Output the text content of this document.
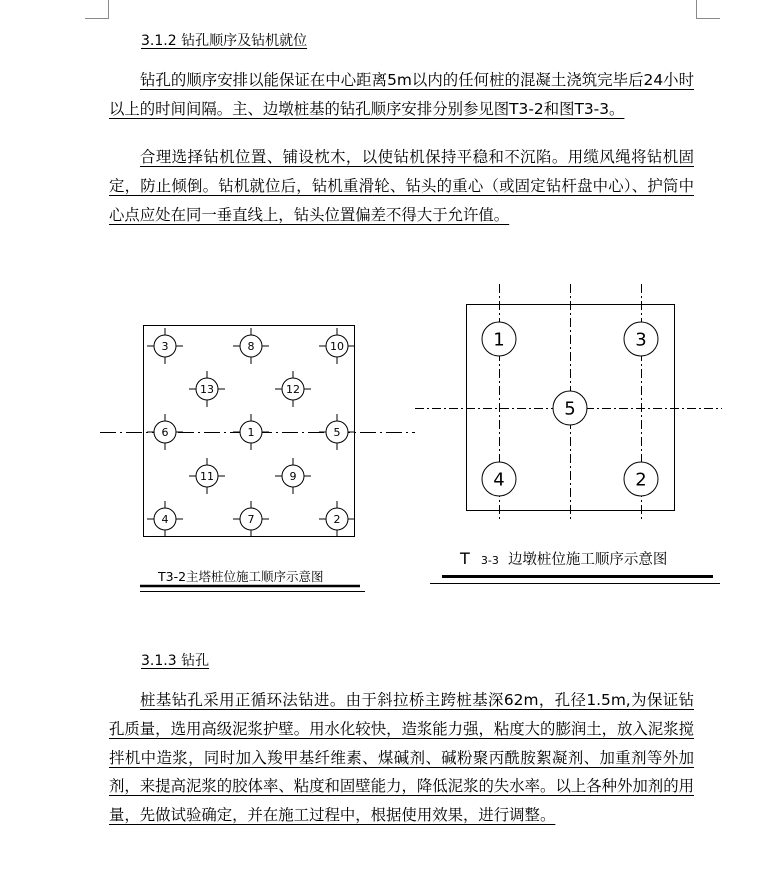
3.1.2 钻孔顺序及钻机就位
钻孔的顺序安排以能保证在中心距离5m以内的任何桩的混凝土浇筑完毕后24小时以上的时间间隔。主、边墩桩基的钻孔顺序安排分别参见图T3-2和图T3-3。
合理选择钻机位置、铺设枕木，以使钻机保持平稳和不沉陷。用缆风绳将钻机固定，防止倾倒。钻机就位后，钻机重滑轮、钻头的重心（或固定钻杆盘中心）、护筒中心点应处在同一垂直线上，钻头位置偏差不得大于允许值。
3	8	10
13	12
6	1	5
11	9
4	7	2
T3-2主塔桩位施工顺序示意图
1	3
5
4	2
T 3-3 边墩桩位施工顺序示意图
3.1.3 钻孔
桩基钻孔采用正循环法钻进。由于斜拉桥主跨桩基深62m，孔径1.5m,为保证钻孔质量，选用高级泥浆护壁。用水化较快，造浆能力强，粘度大的膨润土，放入泥浆搅拌机中造浆，同时加入羧甲基纤维素、煤碱剂、碱粉聚丙酰胺絮凝剂、加重剂等外加剂，来提高泥浆的胶体率、粘度和固壁能力，降低泥浆的失水率。以上各种外加剂的用量，先做试验确定，并在施工过程中，根据使用效果，进行调整。
